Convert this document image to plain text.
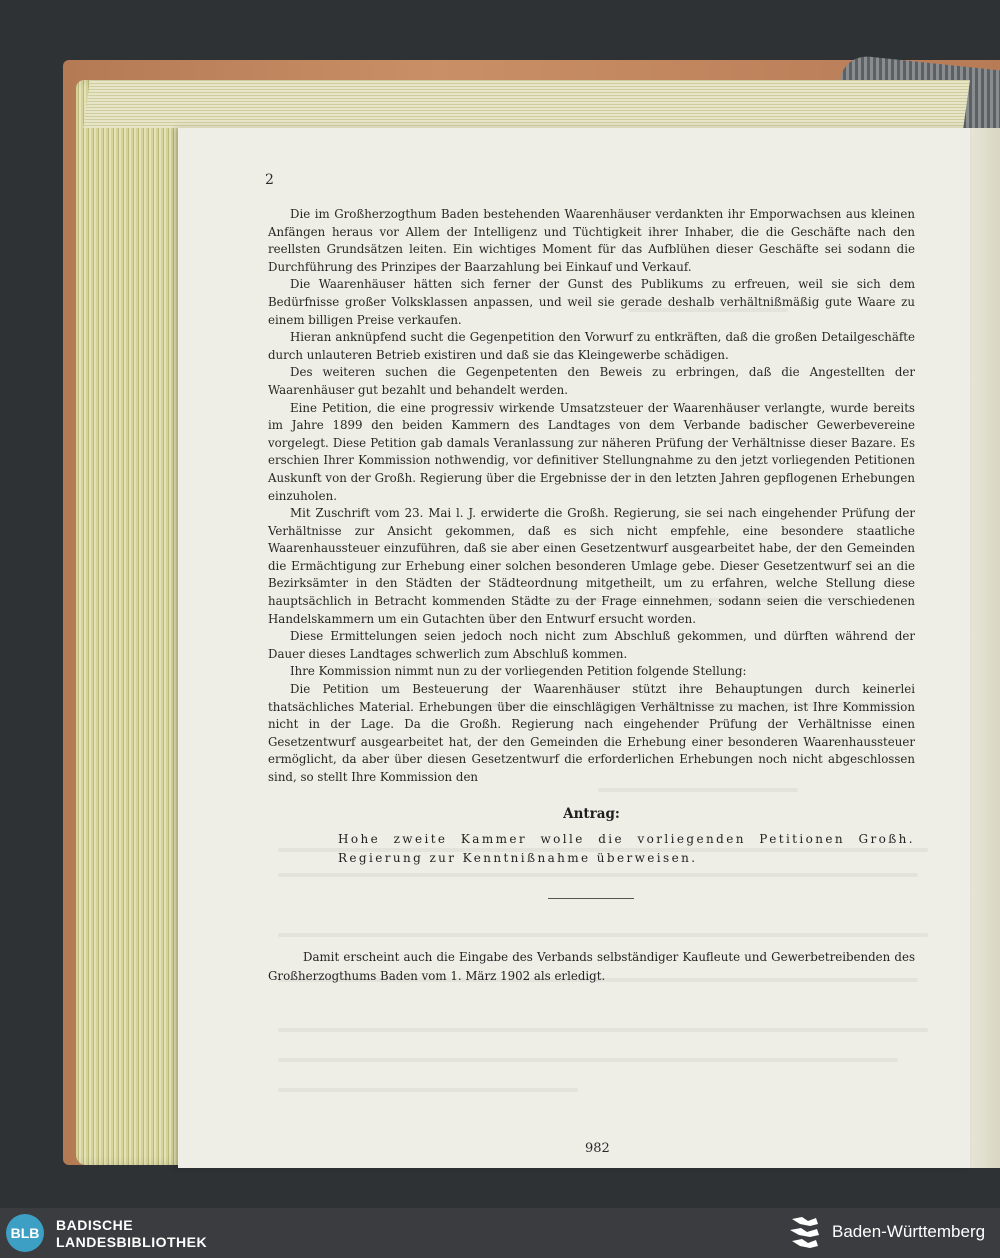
2

Die im Großherzogthum Baden bestehenden Waarenhäuser verdankten ihr Emporwachsen aus kleinen Anfängen heraus vor Allem der Intelligenz und Tüchtigkeit ihrer Inhaber, die die Geschäfte nach den reellsten Grundsätzen leiten. Ein wichtiges Moment für das Aufblühen dieser Geschäfte sei sodann die Durchführung des Prinzipes der Baarzahlung bei Einkauf und Verkauf.

Die Waarenhäuser hätten sich ferner der Gunst des Publikums zu erfreuen, weil sie sich dem Bedürfnisse großer Volksklassen anpassen, und weil sie gerade deshalb verhältnißmäßig gute Waare zu einem billigen Preise verkaufen.

Hieran anknüpfend sucht die Gegenpetition den Vorwurf zu entkräften, daß die großen Detailgeschäfte durch unlauteren Betrieb existiren und daß sie das Kleingewerbe schädigen.

Des weiteren suchen die Gegenpetenten den Beweis zu erbringen, daß die Angestellten der Waarenhäuser gut bezahlt und behandelt werden.

Eine Petition, die eine progressiv wirkende Umsatzsteuer der Waarenhäuser verlangte, wurde bereits im Jahre 1899 den beiden Kammern des Landtages von dem Verbande badischer Gewerbevereine vorgelegt. Diese Petition gab damals Veranlassung zur näheren Prüfung der Verhältnisse dieser Bazare. Es erschien Ihrer Kommission nothwendig, vor definitiver Stellungnahme zu den jetzt vorliegenden Petitionen Auskunft von der Großh. Regierung über die Ergebnisse der in den letzten Jahren gepflogenen Erhebungen einzuholen.

Mit Zuschrift vom 23. Mai l. J. erwiderte die Großh. Regierung, sie sei nach eingehender Prüfung der Verhältnisse zur Ansicht gekommen, daß es sich nicht empfehle, eine besondere staatliche Waarenhaussteuer einzuführen, daß sie aber einen Gesetzentwurf ausgearbeitet habe, der den Gemeinden die Ermächtigung zur Erhebung einer solchen besonderen Umlage gebe. Dieser Gesetzentwurf sei an die Bezirksämter in den Städten der Städteordnung mitgetheilt, um zu erfahren, welche Stellung diese hauptsächlich in Betracht kommenden Städte zu der Frage einnehmen, sodann seien die verschiedenen Handelskammern um ein Gutachten über den Entwurf ersucht worden.

Diese Ermittelungen seien jedoch noch nicht zum Abschluß gekommen, und dürften während der Dauer dieses Landtages schwerlich zum Abschluß kommen.

Ihre Kommission nimmt nun zu der vorliegenden Petition folgende Stellung:

Die Petition um Besteuerung der Waarenhäuser stützt ihre Behauptungen durch keinerlei thatsächliches Material. Erhebungen über die einschlägigen Verhältnisse zu machen, ist Ihre Kommission nicht in der Lage. Da die Großh. Regierung nach eingehender Prüfung der Verhältnisse einen Gesetzentwurf ausgearbeitet hat, der den Gemeinden die Erhebung einer besonderen Waarenhaussteuer ermöglicht, da aber über diesen Gesetzentwurf die erforderlichen Erhebungen noch nicht abgeschlossen sind, so stellt Ihre Kommission den

Antrag:
Hohe zweite Kammer wolle die vorliegenden Petitionen Großh. Regierung zur Kenntnißnahme überweisen.

Damit erscheint auch die Eingabe des Verbands selbständiger Kaufleute und Gewerbetreibenden des Großherzogthums Baden vom 1. März 1902 als erledigt.

982
BLB	BADISCHE
LANDESBIBLIOTHEK
Baden-Württemberg
